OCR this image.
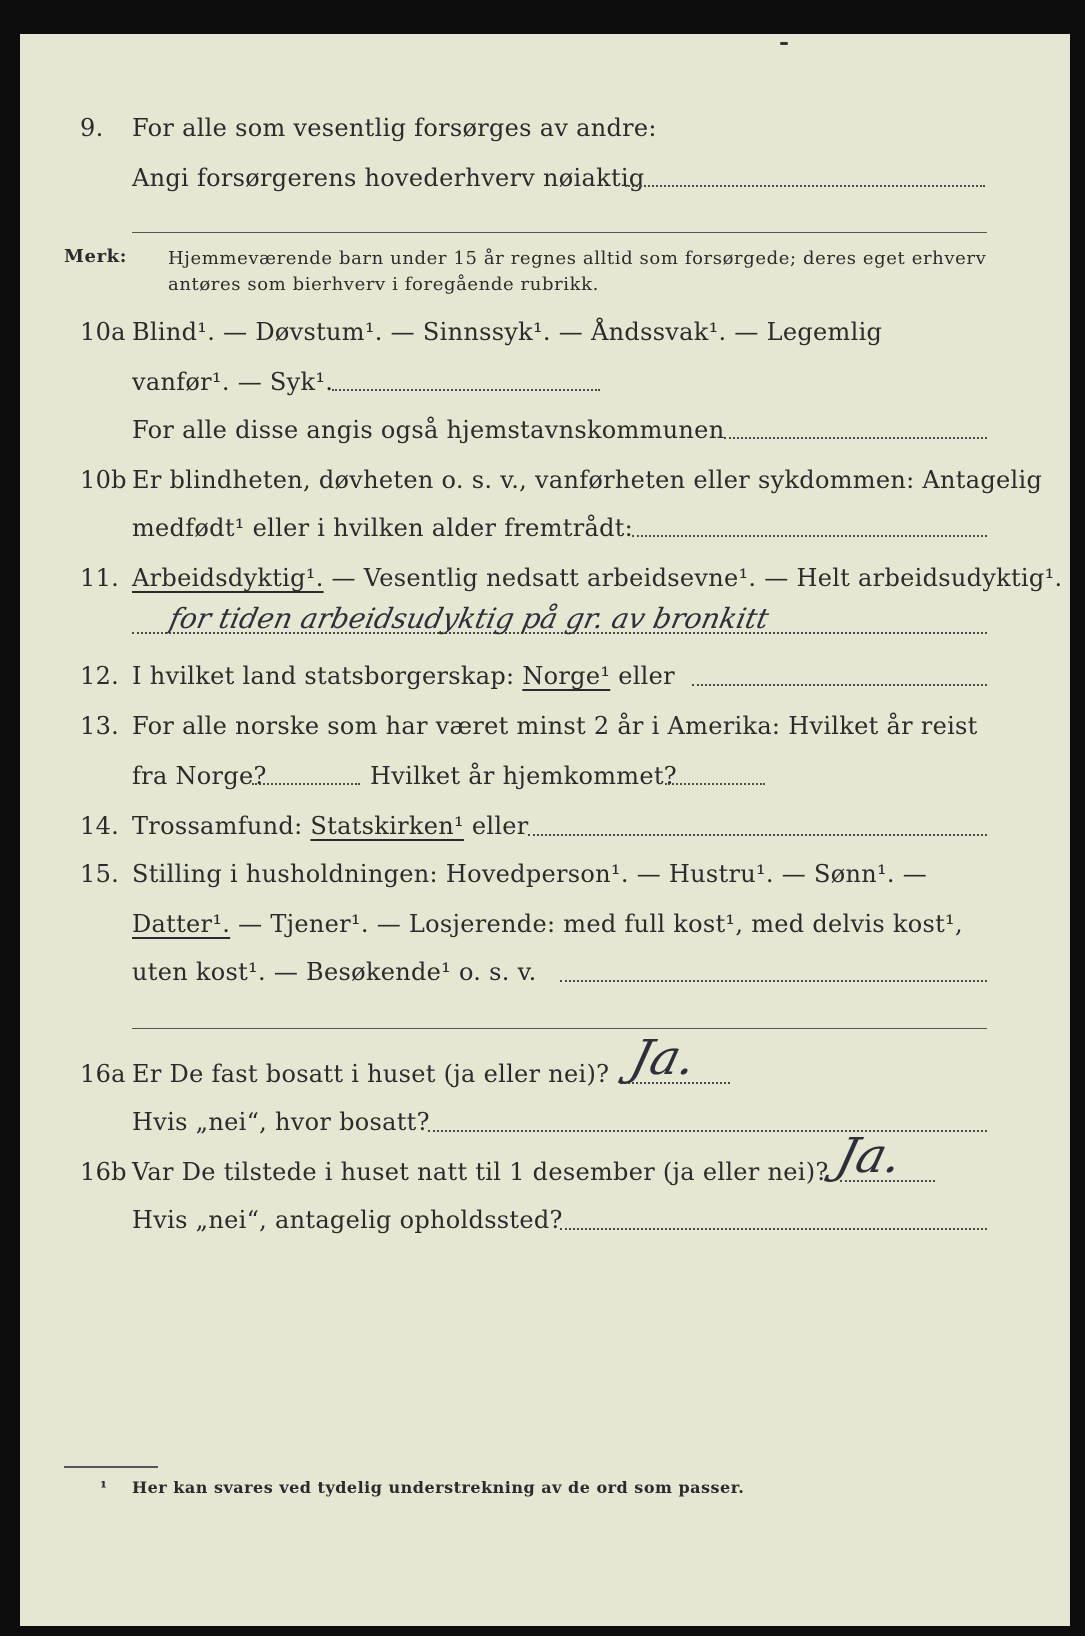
9. For alle som vesentlig forsørges av andre:
Angi forsørgerens hovederhverv nøiaktig
Merk: Hjemmeværende barn under 15 år regnes alltid som forsørgede; deres eget erhverv
antøres som bierhverv i foregående rubrikk.
10a Blind¹. — Døvstum¹. — Sinnssyk¹. — Åndssvak¹. — Legemlig
vanfør¹. — Syk¹.
For alle disse angis også hjemstavnskommunen
10b Er blindheten, døvheten o. s. v., vanførheten eller sykdommen: Antagelig
medfødt¹ eller i hvilken alder fremtrådt:
11. Arbeidsdyktig¹. — Vesentlig nedsatt arbeidsevne¹. — Helt arbeidsudyktig¹.
for tiden arbeidsudyktig på gr. av bronkitt
12. I hvilket land statsborgerskap: Norge¹ eller
13. For alle norske som har været minst 2 år i Amerika: Hvilket år reist
fra Norge?	Hvilket år hjemkommet?
14. Trossamfund: Statskirken¹ eller
15. Stilling i husholdningen: Hovedperson¹. — Hustru¹. — Sønn¹. —
Datter¹. — Tjener¹. — Losjerende: med full kost¹, med delvis kost¹,
uten kost¹. — Besøkende¹ o. s. v.
16a Er De fast bosatt i huset (ja eller nei)? Ja.
Hvis „nei“, hvor bosatt?
16b Var De tilstede i huset natt til 1 desember (ja eller nei)? Ja.
Hvis „nei“, antagelig opholdssted?
¹ Her kan svares ved tydelig understrekning av de ord som passer.
